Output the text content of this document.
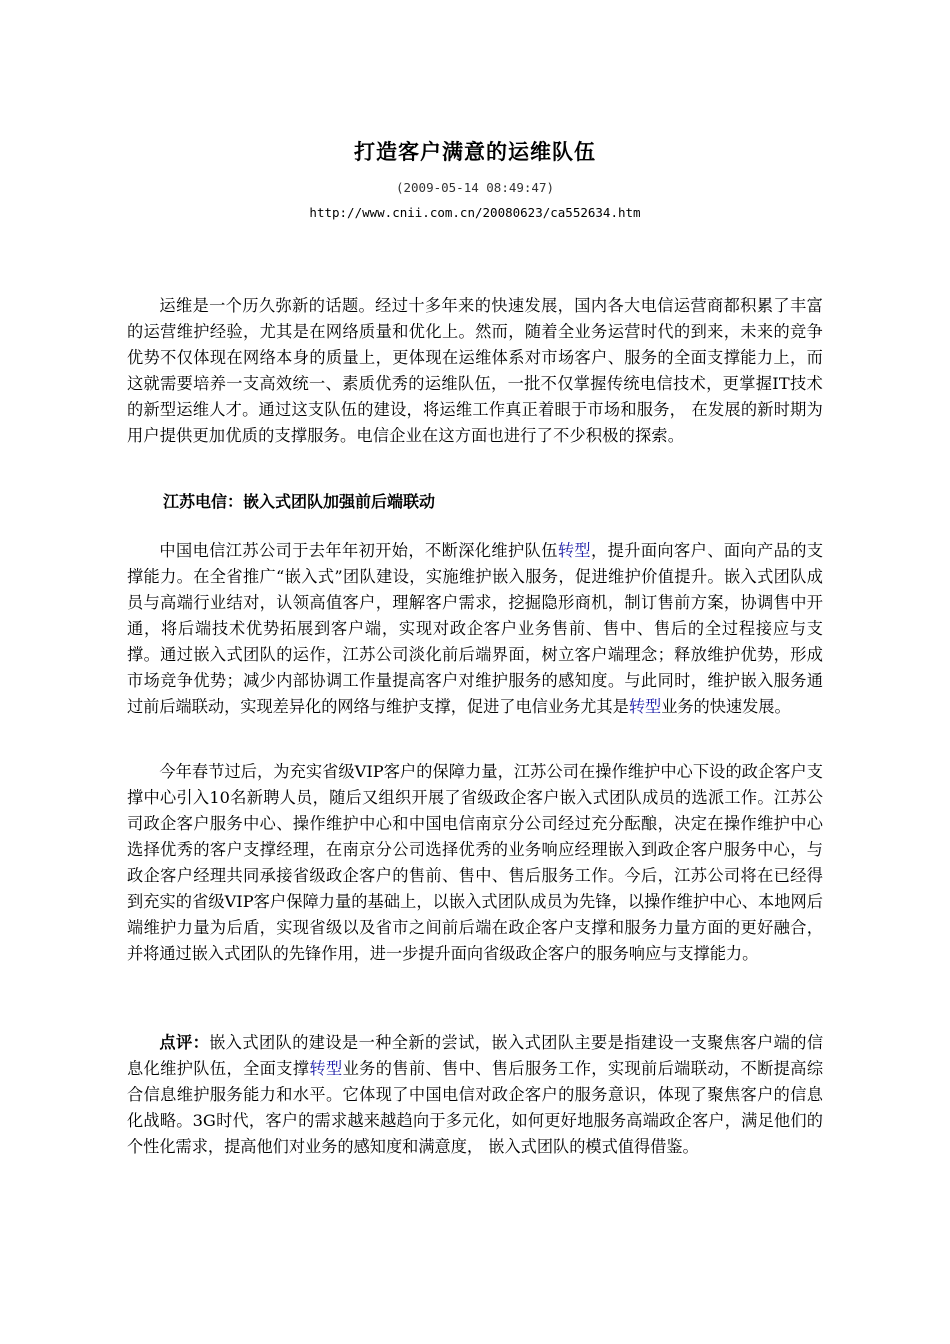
打造客户满意的运维队伍
(2009-05-14 08:49:47)
http://www.cnii.com.cn/20080623/ca552634.htm

运维是一个历久弥新的话题。经过十多年来的快速发展，国内各大电信运营商都积累了丰富的运营维护经验，尤其是在网络质量和优化上。然而，随着全业务运营时代的到来，未来的竞争优势不仅体现在网络本身的质量上，更体现在运维体系对市场客户、服务的全面支撑能力上，而这就需要培养一支高效统一、素质优秀的运维队伍，一批不仅掌握传统电信技术，更掌握IT技术的新型运维人才。通过这支队伍的建设，将运维工作真正着眼于市场和服务， 在发展的新时期为用户提供更加优质的支撑服务。电信企业在这方面也进行了不少积极的探索。

江苏电信：嵌入式团队加强前后端联动

中国电信江苏公司于去年年初开始，不断深化维护队伍转型，提升面向客户、面向产品的支撑能力。在全省推广“嵌入式”团队建设，实施维护嵌入服务，促进维护价值提升。嵌入式团队成员与高端行业结对，认领高值客户，理解客户需求，挖掘隐形商机，制订售前方案，协调售中开通，将后端技术优势拓展到客户端，实现对政企客户业务售前、售中、售后的全过程接应与支撑。通过嵌入式团队的运作，江苏公司淡化前后端界面，树立客户端理念；释放维护优势，形成市场竞争优势；减少内部协调工作量提高客户对维护服务的感知度。与此同时，维护嵌入服务通过前后端联动，实现差异化的网络与维护支撑，促进了电信业务尤其是转型业务的快速发展。

今年春节过后，为充实省级VIP客户的保障力量，江苏公司在操作维护中心下设的政企客户支撑中心引入10名新聘人员，随后又组织开展了省级政企客户嵌入式团队成员的选派工作。江苏公司政企客户服务中心、操作维护中心和中国电信南京分公司经过充分酝酿，决定在操作维护中心选择优秀的客户支撑经理，在南京分公司选择优秀的业务响应经理嵌入到政企客户服务中心，与政企客户经理共同承接省级政企客户的售前、售中、售后服务工作。今后，江苏公司将在已经得到充实的省级VIP客户保障力量的基础上，以嵌入式团队成员为先锋，以操作维护中心、本地网后端维护力量为后盾，实现省级以及省市之间前后端在政企客户支撑和服务力量方面的更好融合，并将通过嵌入式团队的先锋作用，进一步提升面向省级政企客户的服务响应与支撑能力。

点评：嵌入式团队的建设是一种全新的尝试，嵌入式团队主要是指建设一支聚焦客户端的信息化维护队伍，全面支撑转型业务的售前、售中、售后服务工作，实现前后端联动，不断提高综合信息维护服务能力和水平。它体现了中国电信对政企客户的服务意识，体现了聚焦客户的信息化战略。3G时代，客户的需求越来越趋向于多元化，如何更好地服务高端政企客户，满足他们的个性化需求，提高他们对业务的感知度和满意度， 嵌入式团队的模式值得借鉴。
